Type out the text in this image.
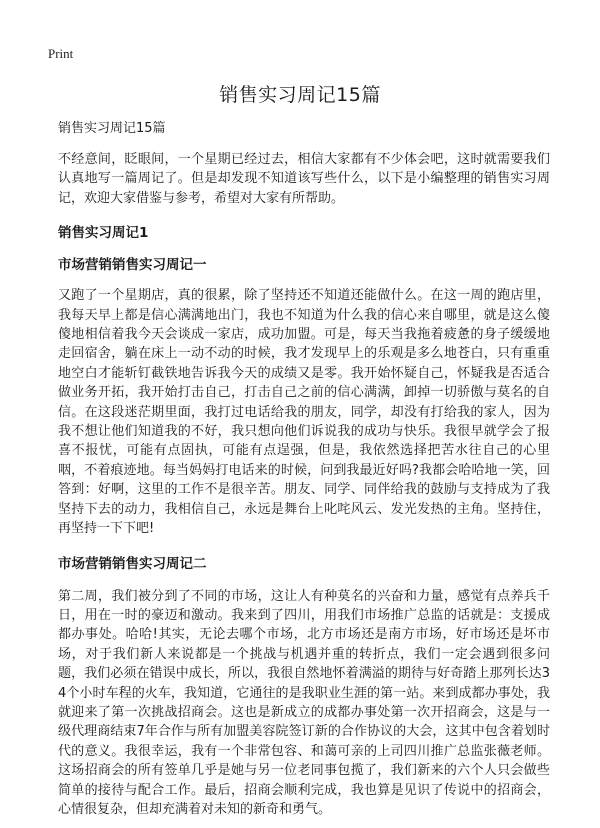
Print
销售实习周记15篇

销售实习周记15篇

不经意间，眨眼间，一个星期已经过去，相信大家都有不少体会吧，这时就需要我们认真地写一篇周记了。但是却发现不知道该写些什么，以下是小编整理的销售实习周记，欢迎大家借鉴与参考，希望对大家有所帮助。

销售实习周记1
市场营销销售实习周记一

又跑了一个星期店，真的很累，除了坚持还不知道还能做什么。在这一周的跑店里，我每天早上都是信心满满地出门，我也不知道为什么我的信心来自哪里，就是这么傻傻地相信着我今天会谈成一家店，成功加盟。可是，每天当我拖着疲惫的身子缓缓地走回宿舍，躺在床上一动不动的时候，我才发现早上的乐观是多么地苍白，只有重重地空白才能斩钉截铁地告诉我今天的成绩又是零。我开始怀疑自己，怀疑我是否适合做业务开拓，我开始打击自己，打击自己之前的信心满满，卸掉一切骄傲与莫名的自信。在这段迷茫期里面，我打过电话给我的朋友，同学，却没有打给我的家人，因为我不想让他们知道我的不好，我只想向他们诉说我的成功与快乐。我很早就学会了报喜不报忧，可能有点固执，可能有点逞强，但是，我依然选择把苦水往自己的心里咽，不着痕迹地。每当妈妈打电话来的时候，问到我最近好吗?我都会哈哈地一笑，回答到：好啊，这里的工作不是很辛苦。朋友、同学、同伴给我的鼓励与支持成为了我坚持下去的动力，我相信自己，永远是舞台上叱咤风云、发光发热的主角。坚持住，再坚持一下下吧!

市场营销销售实习周记二

第二周，我们被分到了不同的市场，这让人有种莫名的兴奋和力量，感觉有点养兵千日，用在一时的豪迈和激动。我来到了四川，用我们市场推广总监的话就是：支援成都办事处。哈哈!其实，无论去哪个市场，北方市场还是南方市场，好市场还是坏市场，对于我们新人来说都是一个挑战与机遇并重的转折点，我们一定会遇到很多问题，我们必须在错误中成长，所以，我很自然地怀着满溢的期待与好奇踏上那列长达34个小时车程的火车，我知道，它通往的是我职业生涯的第一站。来到成都办事处，我就迎来了第一次挑战招商会。这也是新成立的成都办事处第一次开招商会，这是与一级代理商结束7年合作与所有加盟美容院签订新的合作协议的大会，这其中包含着划时代的意义。我很幸运，我有一个非常包容、和蔼可亲的上司四川推广总监张薇老师。这场招商会的所有签单几乎是她与另一位老同事包揽了，我们新来的六个人只会做些简单的接待与配合工作。最后，招商会顺利完成，我也算是见识了传说中的招商会，心情很复杂，但却充满着对未知的新奇和勇气。
